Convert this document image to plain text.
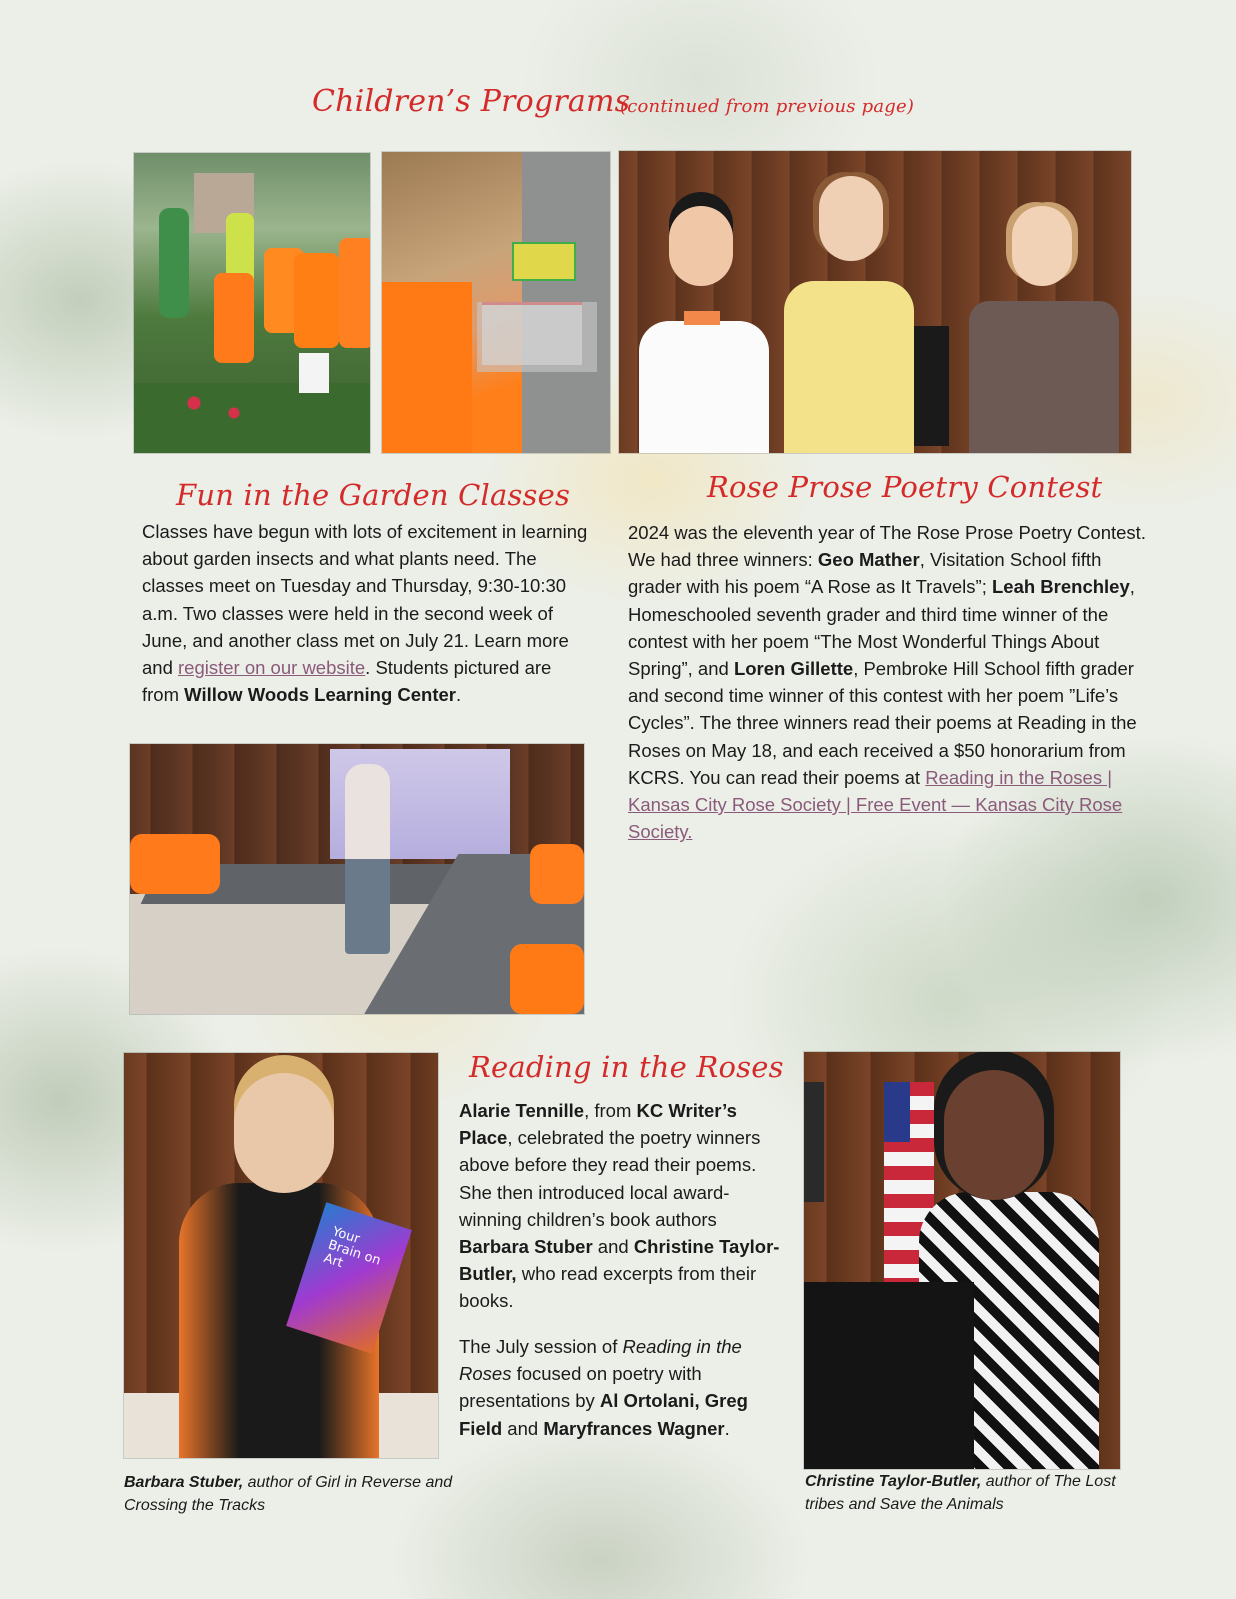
Children’s Programs
(continued from previous page)
Fun in the Garden Classes
Classes have begun with lots of excitement in learning about garden insects and what plants need. The classes meet on Tuesday and Thursday, 9:30-10:30 a.m. Two classes were held in the second week of June, and another class met on July 21. Learn more and register on our website. Students pictured are from Willow Woods Learning Center.
Rose Prose Poetry Contest
2024 was the eleventh year of The Rose Prose Poetry Contest. We had three winners: Geo Mather, Visitation School fifth grader with his poem “A Rose as It Travels”; Leah Brenchley, Homeschooled seventh grader and third time winner of the contest with her poem “The Most Wonderful Things About Spring”, and Loren Gillette, Pembroke Hill School fifth grader and second time winner of this contest with her poem ”Life’s Cycles”. The three winners read their poems at Reading in the Roses on May 18, and each received a $50 honorarium from KCRS. You can read their poems at Reading in the Roses | Kansas City Rose Society | Free Event — Kansas City Rose Society.
Your Brain on Art
Reading in the Roses
Alarie Tennille, from KC Writer’s Place, celebrated the poetry winners above before they read their poems. She then introduced local award-winning children’s book authors Barbara Stuber and Christine Taylor-Butler, who read excerpts from their books.
The July session of Reading in the Roses focused on poetry with presentations by Al Ortolani, Greg Field and Maryfrances Wagner.
Barbara Stuber, author of Girl in Reverse and Crossing the Tracks
Christine Taylor-Butler, author of The Lost tribes and Save the Animals
